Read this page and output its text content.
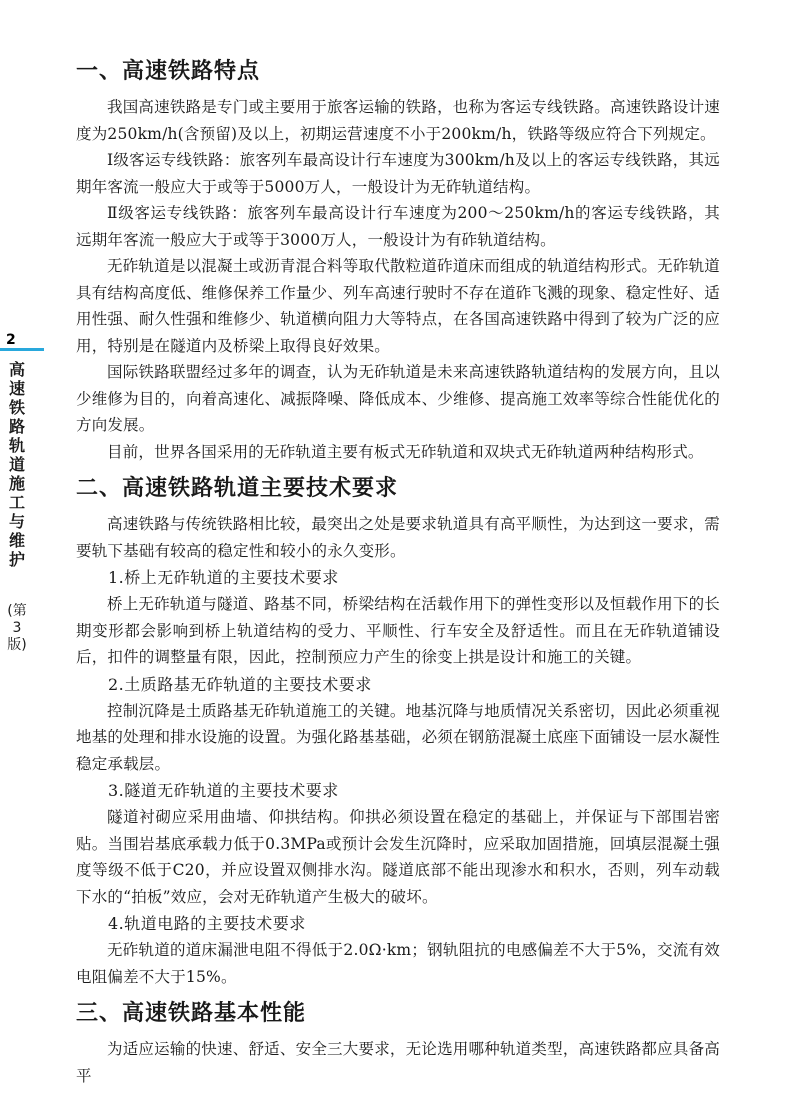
2
高速铁路轨道施工与维护
(第3版)
一、高速铁路特点

我国高速铁路是专门或主要用于旅客运输的铁路，也称为客运专线铁路。高速铁路设计速度为250km/h(含预留)及以上，初期运营速度不小于200km/h，铁路等级应符合下列规定。

Ⅰ级客运专线铁路：旅客列车最高设计行车速度为300km/h及以上的客运专线铁路，其远期年客流一般应大于或等于5000万人，一般设计为无砟轨道结构。

Ⅱ级客运专线铁路：旅客列车最高设计行车速度为200～250km/h的客运专线铁路，其远期年客流一般应大于或等于3000万人，一般设计为有砟轨道结构。

无砟轨道是以混凝土或沥青混合料等取代散粒道砟道床而组成的轨道结构形式。无砟轨道具有结构高度低、维修保养工作量少、列车高速行驶时不存在道砟飞溅的现象、稳定性好、适用性强、耐久性强和维修少、轨道横向阻力大等特点，在各国高速铁路中得到了较为广泛的应用，特别是在隧道内及桥梁上取得良好效果。

国际铁路联盟经过多年的调查，认为无砟轨道是未来高速铁路轨道结构的发展方向，且以少维修为目的，向着高速化、减振降噪、降低成本、少维修、提高施工效率等综合性能优化的方向发展。

目前，世界各国采用的无砟轨道主要有板式无砟轨道和双块式无砟轨道两种结构形式。

二、高速铁路轨道主要技术要求

高速铁路与传统铁路相比较，最突出之处是要求轨道具有高平顺性，为达到这一要求，需要轨下基础有较高的稳定性和较小的永久变形。

1.桥上无砟轨道的主要技术要求

桥上无砟轨道与隧道、路基不同，桥梁结构在活载作用下的弹性变形以及恒载作用下的长期变形都会影响到桥上轨道结构的受力、平顺性、行车安全及舒适性。而且在无砟轨道铺设后，扣件的调整量有限，因此，控制预应力产生的徐变上拱是设计和施工的关键。

2.土质路基无砟轨道的主要技术要求

控制沉降是土质路基无砟轨道施工的关键。地基沉降与地质情况关系密切，因此必须重视地基的处理和排水设施的设置。为强化路基基础，必须在钢筋混凝土底座下面铺设一层水凝性稳定承载层。

3.隧道无砟轨道的主要技术要求

隧道衬砌应采用曲墙、仰拱结构。仰拱必须设置在稳定的基础上，并保证与下部围岩密贴。当围岩基底承载力低于0.3MPa或预计会发生沉降时，应采取加固措施，回填层混凝土强度等级不低于C20，并应设置双侧排水沟。隧道底部不能出现渗水和积水，否则，列车动载下水的“拍板”效应，会对无砟轨道产生极大的破坏。

4.轨道电路的主要技术要求

无砟轨道的道床漏泄电阻不得低于2.0Ω·km；钢轨阻抗的电感偏差不大于5%，交流有效电阻偏差不大于15%。

三、高速铁路基本性能

为适应运输的快速、舒适、安全三大要求，无论选用哪种轨道类型，高速铁路都应具备高平
